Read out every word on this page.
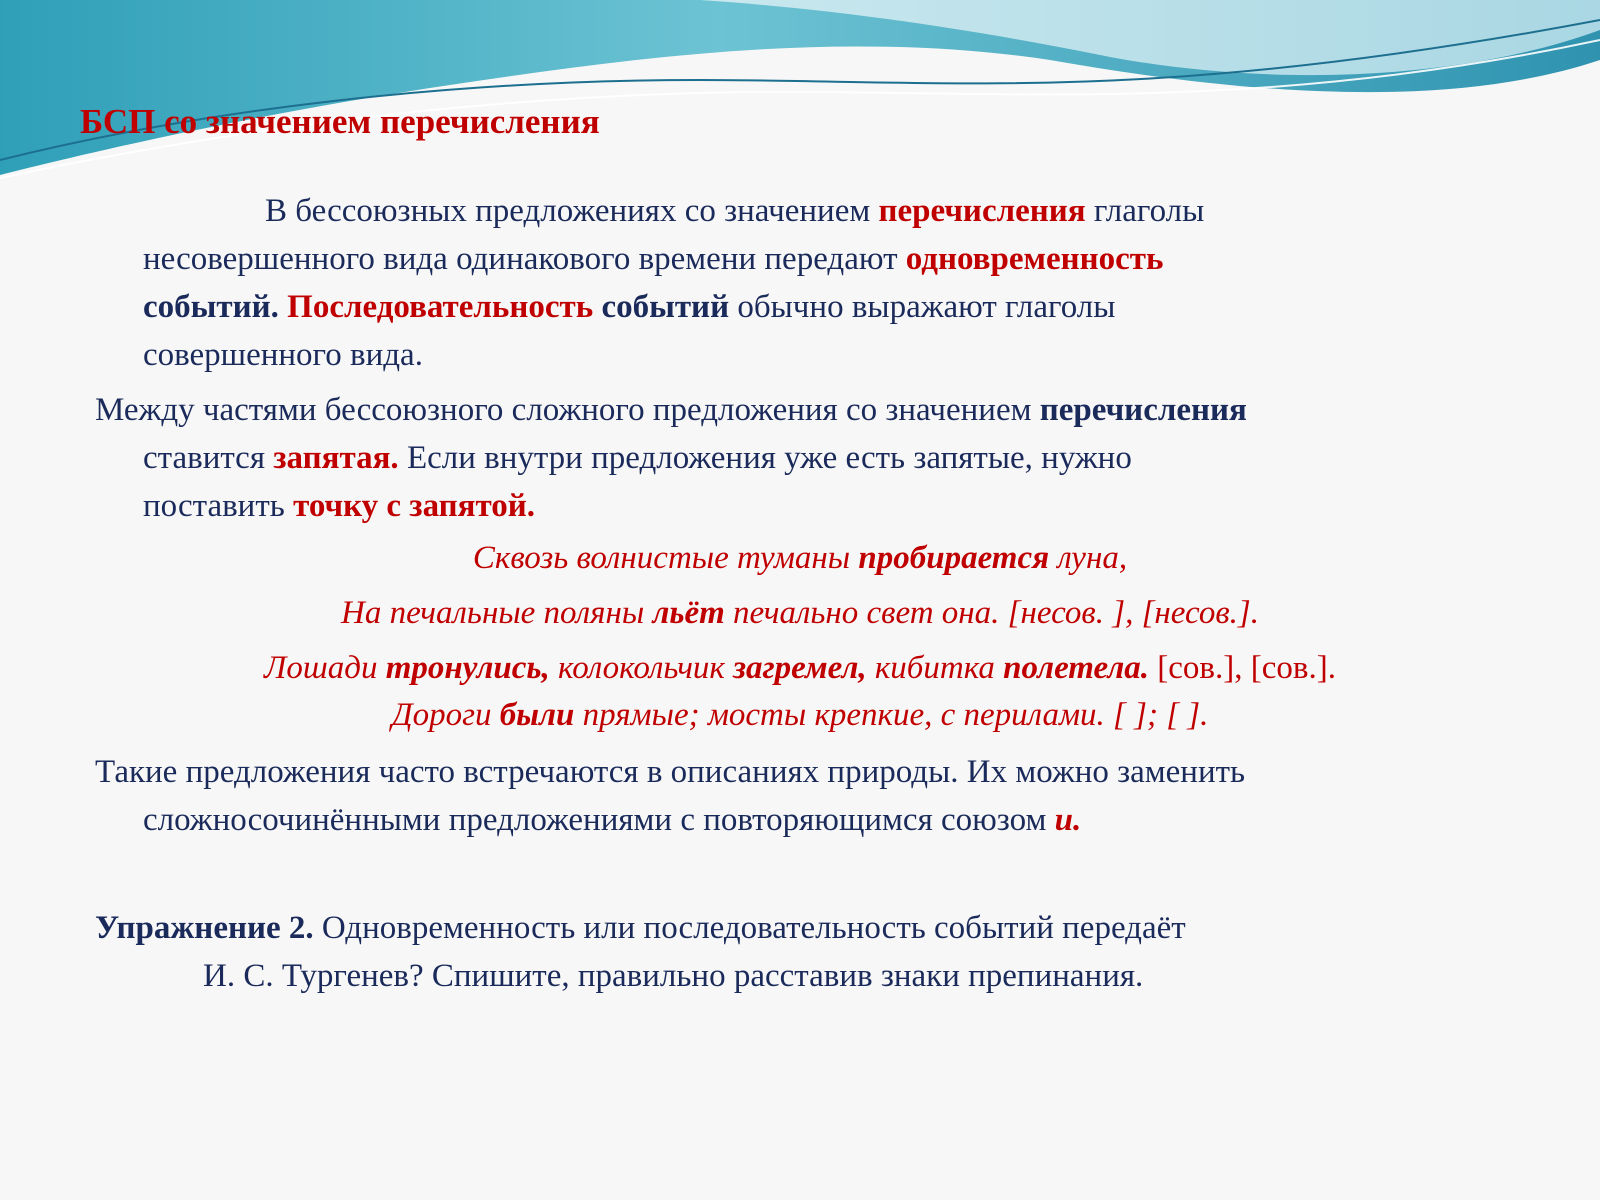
БСП со значением перечисления
В бессоюзных предложениях со значением перечисления глаголы
несовершенного вида одинакового времени передают одновременность
событий. Последовательность событий обычно выражают глаголы
совершенного вида.
Между частями бессоюзного сложного предложения со значением перечисления
ставится запятая. Если внутри предложения уже есть запятые, нужно
поставить точку с запятой.
Сквозь волнистые туманы пробирается луна,
На печальные поляны льёт печально свет она. [несов. ], [несов.].
Лошади тронулись, колокольчик загремел, кибитка полетела. [сов.], [сов.].
Дороги были прямые; мосты крепкие, с перилами. [ ]; [ ].
Такие предложения часто встречаются в описаниях природы. Их можно заменить
сложносочинёнными предложениями с повторяющимся союзом и.
Упражнение 2. Одновременность или последовательность событий передаёт
И. С. Тургенев? Спишите, правильно расставив знаки препинания.
